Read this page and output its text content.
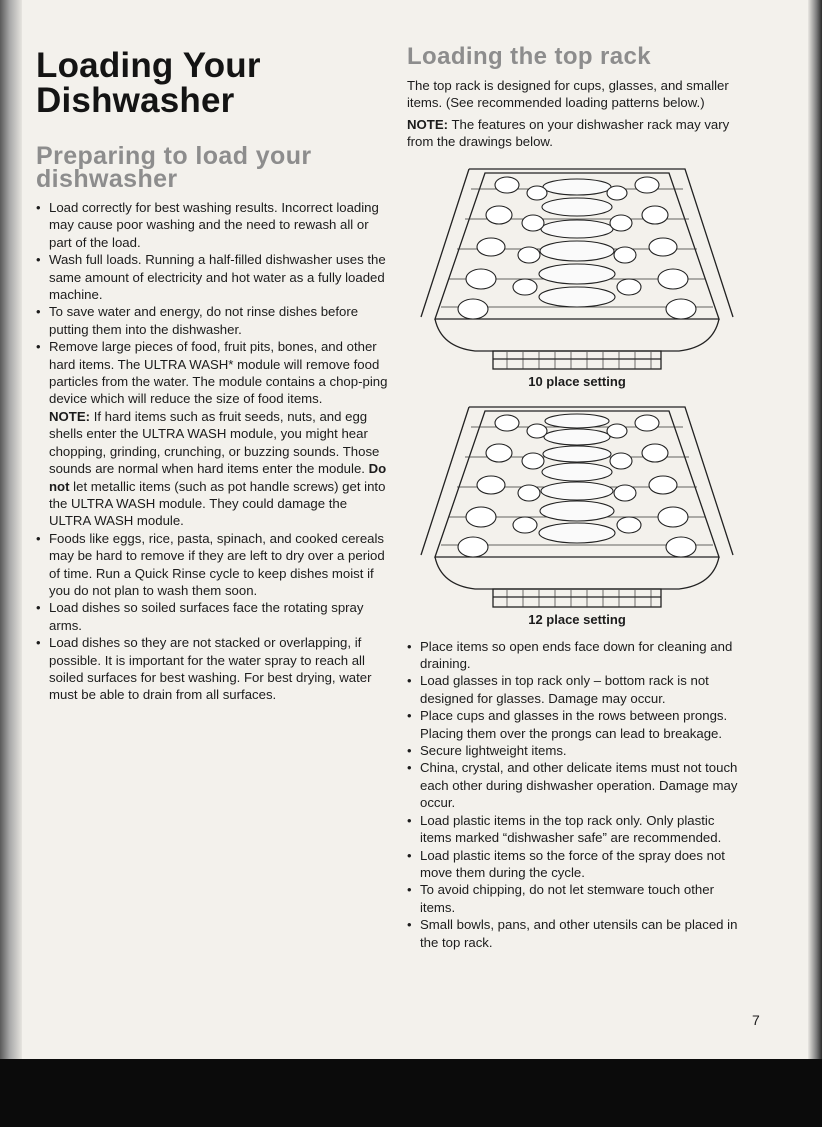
Loading Your
Dishwasher
Preparing to load your
dishwasher
• Load correctly for best washing results. Incorrect loading may cause poor washing and the need to rewash all or part of the load.
• Wash full loads. Running a half-filled dishwasher uses the same amount of electricity and hot water as a fully loaded machine.
• To save water and energy, do not rinse dishes before putting them into the dishwasher.
• Remove large pieces of food, fruit pits, bones, and other hard items. The ULTRA WASH* module will remove food particles from the water. The module contains a chop-ping device which will reduce the size of food items.

NOTE: If hard items such as fruit seeds, nuts, and egg shells enter the ULTRA WASH module, you might hear chopping, grinding, crunching, or buzzing sounds. Those sounds are normal when hard items enter the module. Do not let metallic items (such as pot handle screws) get into the ULTRA WASH module. They could damage the ULTRA WASH module.

• Foods like eggs, rice, pasta, spinach, and cooked cereals may be hard to remove if they are left to dry over a period of time. Run a Quick Rinse cycle to keep dishes moist if you do not plan to wash them soon.
• Load dishes so soiled surfaces face the rotating spray arms.
• Load dishes so they are not stacked or overlapping, if possible. It is important for the water spray to reach all soiled surfaces for best washing. For best drying, water must be able to drain from all surfaces.
Loading the top rack

The top rack is designed for cups, glasses, and smaller items. (See recommended loading patterns below.)

NOTE: The features on your dishwasher rack may vary from the drawings below.

10 place setting

12 place setting

• Place items so open ends face down for cleaning and draining.
• Load glasses in top rack only – bottom rack is not designed for glasses. Damage may occur.
• Place cups and glasses in the rows between prongs. Placing them over the prongs can lead to breakage.
• Secure lightweight items.
• China, crystal, and other delicate items must not touch each other during dishwasher operation. Damage may occur.
• Load plastic items in the top rack only. Only plastic items marked “dishwasher safe” are recommended.
• Load plastic items so the force of the spray does not move them during the cycle.
• To avoid chipping, do not let stemware touch other items.
• Small bowls, pans, and other utensils can be placed in the top rack.
7
